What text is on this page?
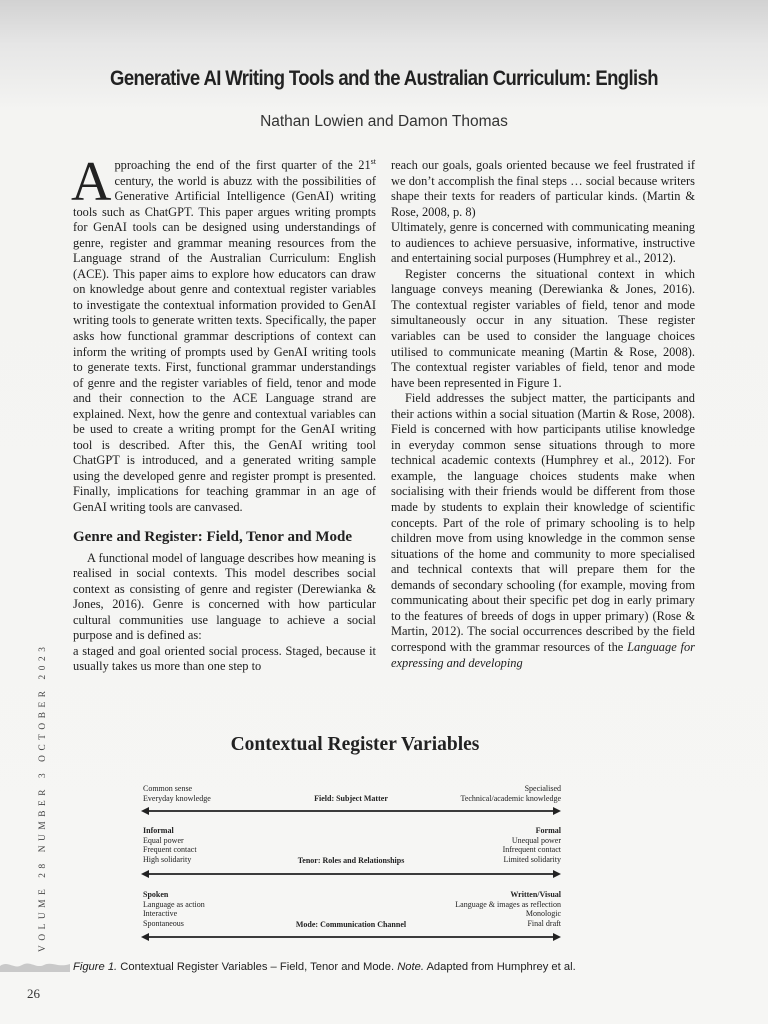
Generative AI Writing Tools and the Australian Curriculum: English
Nathan Lowien and Damon Thomas

Approaching the end of the first quarter of the 21st century, the world is abuzz with the possibilities of Generative Artificial Intelligence (GenAI) writing tools such as ChatGPT. This paper argues writing prompts for GenAI tools can be designed using understandings of genre, register and grammar meaning resources from the Language strand of the Australian Curriculum: English (ACE). This paper aims to explore how educators can draw on knowledge about genre and contextual register variables to investigate the contextual information provided to GenAI writing tools to generate written texts. Specifically, the paper asks how functional grammar descriptions of context can inform the writing of prompts used by GenAI writing tools to generate texts. First, functional grammar understandings of genre and the register variables of field, tenor and mode and their connection to the ACE Language strand are explained. Next, how the genre and contextual variables can be used to create a writing prompt for the GenAI writing tool is described. After this, the GenAI writing tool ChatGPT is introduced, and a generated writing sample using the developed genre and register prompt is presented. Finally, implications for teaching grammar in an age of GenAI writing tools are canvased.

Genre and Register: Field, Tenor and Mode

A functional model of language describes how meaning is realised in social contexts. This model describes social context as consisting of genre and register (Derewianka & Jones, 2016). Genre is concerned with how particular cultural communities use language to achieve a social purpose and is defined as:

a staged and goal oriented social process. Staged, because it usually takes us more than one step to

reach our goals, goals oriented because we feel frustrated if we don’t accomplish the final steps … social because writers shape their texts for readers of particular kinds. (Martin & Rose, 2008, p. 8)

Ultimately, genre is concerned with communicating meaning to audiences to achieve persuasive, informative, instructive and entertaining social purposes (Humphrey et al., 2012).

Register concerns the situational context in which language conveys meaning (Derewianka & Jones, 2016). The contextual register variables of field, tenor and mode simultaneously occur in any situation. These register variables can be used to consider the language choices utilised to communicate meaning (Martin & Rose, 2008). The contextual register variables of field, tenor and mode have been represented in Figure 1.

Field addresses the subject matter, the participants and their actions within a social situation (Martin & Rose, 2008). Field is concerned with how participants utilise knowledge in everyday common sense situations through to more technical academic contexts (Humphrey et al., 2012). For example, the language choices students make when socialising with their friends would be different from those made by students to explain their knowledge of scientific concepts. Part of the role of primary schooling is to help children move from using knowledge in the common sense situations of the home and community to more specialised and technical contexts that will prepare them for the demands of secondary schooling (for example, moving from communicating about their specific pet dog in early primary to the features of breeds of dogs in upper primary) (Rose & Martin, 2012). The social occurrences described by the field correspond with the grammar resources of the Language for expressing and developing

Contextual Register Variables
Common sense
Everyday knowledge	Field: Subject Matter
Specialised
Technical/academic knowledge
Informal
Equal power
Frequent contact
High solidarity	Tenor: Roles and Relationships
Formal
Unequal power
Infrequent contact
Limited solidarity
Spoken
Language as action
Interactive
Spontaneous	Mode: Communication Channel
Written/Visual
Language & images as reflection
Monologic
Final draft
Figure 1. Contextual Register Variables – Field, Tenor and Mode. Note. Adapted from Humphrey et al.
VOLUME 28 NUMBER 3 OCTOBER 2023
26
